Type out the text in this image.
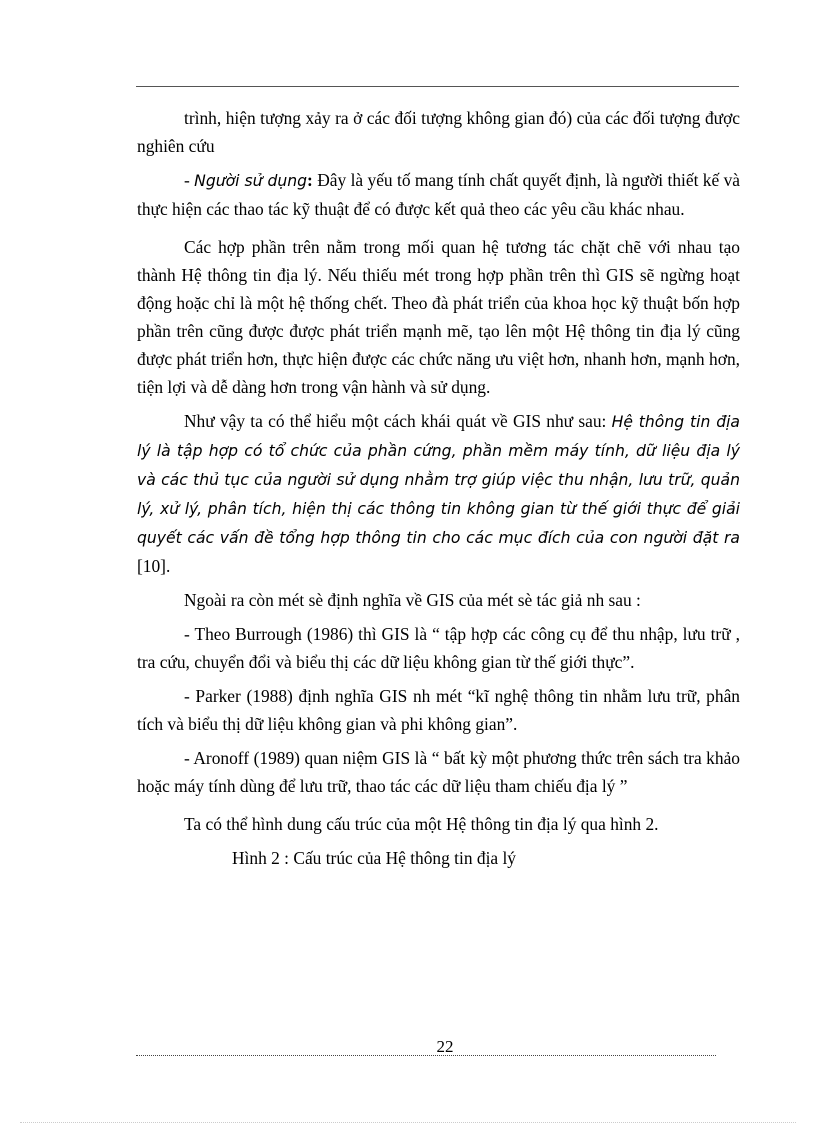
trình, hiện tượng xảy ra ở các đối tượng không gian đó) của các đối tượng được nghiên cứu

- Người sử dụng: Đây là yếu tố mang tính chất quyết định, là người thiết kế và thực hiện các thao tác kỹ thuật để có được kết quả theo các yêu cầu khác nhau.

Các hợp phần trên nằm trong mối quan hệ tương tác chặt chẽ với nhau tạo thành Hệ thông tin địa lý. Nếu thiếu mét trong hợp phần trên thì GIS sẽ ngừng hoạt động hoặc chỉ là một hệ thống chết. Theo đà phát triển của khoa học kỹ thuật bốn hợp phần trên cũng được được phát triển mạnh mẽ, tạo lên một Hệ thông tin địa lý cũng được phát triển hơn, thực hiện được các chức năng ưu việt hơn, nhanh hơn, mạnh hơn, tiện lợi và dễ dàng hơn trong vận hành và sử dụng.

Như vậy ta có thể hiểu một cách khái quát về GIS như sau: Hệ thông tin địa lý là tập hợp có tổ chức của phần cứng, phần mềm máy tính, dữ liệu địa lý và các thủ tục của người sử dụng nhằm trợ giúp việc thu nhận, lưu trữ, quản lý, xử lý, phân tích, hiện thị các thông tin không gian từ thế giới thực để giải quyết các vấn đề tổng hợp thông tin cho các mục đích của con người đặt ra [10].

Ngoài ra còn mét sè định nghĩa về GIS của mét sè tác giả nh sau :

- Theo Burrough (1986) thì GIS là “ tập hợp các công cụ để thu nhập, lưu trữ , tra cứu, chuyển đổi và biểu thị các dữ liệu không gian từ thế giới thực”.

- Parker (1988) định nghĩa GIS nh mét “kĩ nghệ thông tin nhằm lưu trữ, phân tích và biểu thị dữ liệu không gian và phi không gian”.

- Aronoff (1989) quan niệm GIS là “ bất kỳ một phương thức trên sách tra khảo hoặc máy tính dùng để lưu trữ, thao tác các dữ liệu tham chiếu địa lý ”

Ta có thể hình dung cấu trúc của một Hệ thông tin địa lý qua hình 2.

Hình 2 : Cấu trúc của Hệ thông tin địa lý

22
